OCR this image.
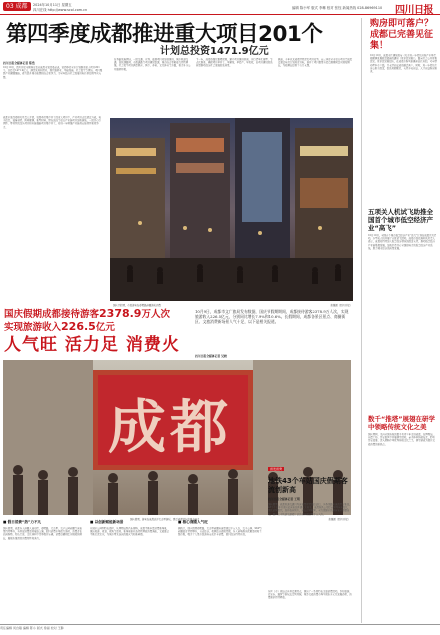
03 成都	2024年10月11日 星期五
四川在线 http://www.scol.com.cn	编辑 陈小军 版式 李琳 校对 张钰 新闻热线 028-86969110 四川日报
第四季度成都推进重大项目201个
计划总投资1471.9亿元
四川日报全媒体记者 陈浩
10月10日，四川日报全媒体记者从成都市发改委获悉，第四季度全市计划推进重大项目201个，总投资1471.9亿元，涵盖先进制造业、现代服务业、基础设施、社会民生等领域。项目聚焦产业建圈强链，着力提升城市能级和综合竞争力，为全年经济社会发展目标任务提供坚实支撑。
成都市发改委相关负责人介绍，第四季度集中开工的重大项目中，产业项目占比超过六成，电子信息、装备制造、医药健康、新型材料、绿色食品等重点产业链项目加快落地，一批具有引领性、带动性的龙头项目和补链强链项目集中开工，将进一步增强产业链供应链韧性和竞争力。
在基础设施领域，一批交通、水利、能源项目将加快推进，城市轨道交通、高快速路网、市政道路等项目建设提速，城市综合承载能力持续增强。社会民生项目涵盖教育、医疗、养老、文化体育等方面，着力补齐公共服务短板。
下一步，成都将强化要素保障，建立项目推进机制，实行清单化管理、节点化推进，确保项目早开工、早建设、早投产、早见效，以项目建设的高质量推动经济社会发展的高质量。
据悉，今年以来成都持续深化项目攻坚，前三季度全市重点项目完成投资超过年度计划进度目标，新开工项目数量与投资规模同比实现双增长，为稳增长提供了有力支撑。
国庆节假期，市民游客在春熙路商圈游玩消费	张强摄（四川日报）
国庆假期成都接待游客2378.9万人次
实现旅游收入226.5亿元
人气旺 活力足 消费火
10月9日，成都市文广旅局发布数据，国庆节假期期间，成都接待游客2378.9万人次，实现旅游收入226.5亿元，分别同比增长7.9%和10.6%。长假期间，成都各景区景点、商圈街区、文旅消费新场景人气十足，以下是相关报道。
四川日报全媒体记者 吴晓
成都
国庆假期，游客在成都远洋太古里游玩，感受成都特色的城市魅力	张强摄（四川日报）
■ 假日消费“热”力不凡
国庆假期，成都各大商圈人流如织，春熙路、太古里、交子公园商圈等客流量持续攀升，各类促消费活动接连上演，假日消费市场活力涌动，消费者在品质购物、特色美食、文化体验中尽享假日乐趣，消费总额同比实现较快增长，展现出强劲的消费韧性和潜力。
■ 以创新赋能新场景
从城市公园到特色街区，从博物馆到音乐现场，成都不断丰富消费新场景，推出夜游、夜食、夜购等活动。新场景新业态持续释放消费潜能，文旅融合不断走深走实，为城市带来满满的烟火气和新鲜感。
■ 核心商圈人气旺
据统计，国庆假期春熙路、太古里商圈客流量超过千万人次，交子公园、SKP等商圈热度持续攀升，首店经济、夜间经济表现亮眼，各大商场推出优惠活动和主题市集，吸引了大量市民游客前来打卡消费，假日经济持续升温。
首发首秀
地铁43个车站国庆假期客流创新高
四川日报全媒体记者 王明
国庆假期，成都轨道交通日均客流量保持高位运行，多条线路客流创历史新高，43个车站单日进出站客流创开通以来新高。成都地铁公司提前研判客流变化，优化运营组织，加开临客列车，延长运营时间，全力保障市民游客安全便捷出行，国庆七天轨道交通累计运送乘客超过两千万人次。
各区（市）县结合自身资源特点，推出了一系列特色文旅消费活动，乡村旅游、农家乐、露营等新玩法受到青睐，城乡文旅消费市场呈现出多元化发展态势，消费需求持续释放。
购房即可落户？成都已完善见征集！
10月10日，成都市住建局发布《关于进一步优化房地产市场平稳健康发展政策措施的通知（征求意见稿）》，面向社会公开征集意见。征求意见稿提出，在成都市购买新建商品住房的，可申请办理本市户籍，并支持家庭成员随迁落户。同时，进一步优化住房公积金政策，提高贷款额度，支持多孩家庭、人才家庭购房需求。
五项关人机试飞助推全国首个城市低空经济产业“高飞”
10月10日，全国首个城市低空经济产业“高飞”计划在成都正式启动，多型无人机开展了首批试飞活动。成都市经信局相关负责人表示，成都将持续加大低空经济领域的政策支持，推动低空经济产业链集聚发展，加快打造具有全国影响力的低空经济产业高地，助力城市经济高质量发展。
数千“推塔”展翅在研学中领略传统文化之美
国庆期间，来自全国各地的数千名青少年走进成都，在博物馆、非遗工坊、历史街区中开展研学活动，亲手体验传统技艺，聆听历史故事，深入领略中华优秀传统文化之美，研学游成为假日文旅消费的新热点。
责任编辑 何自聪 编辑 陈小 版式 徐丽 校对 王静
